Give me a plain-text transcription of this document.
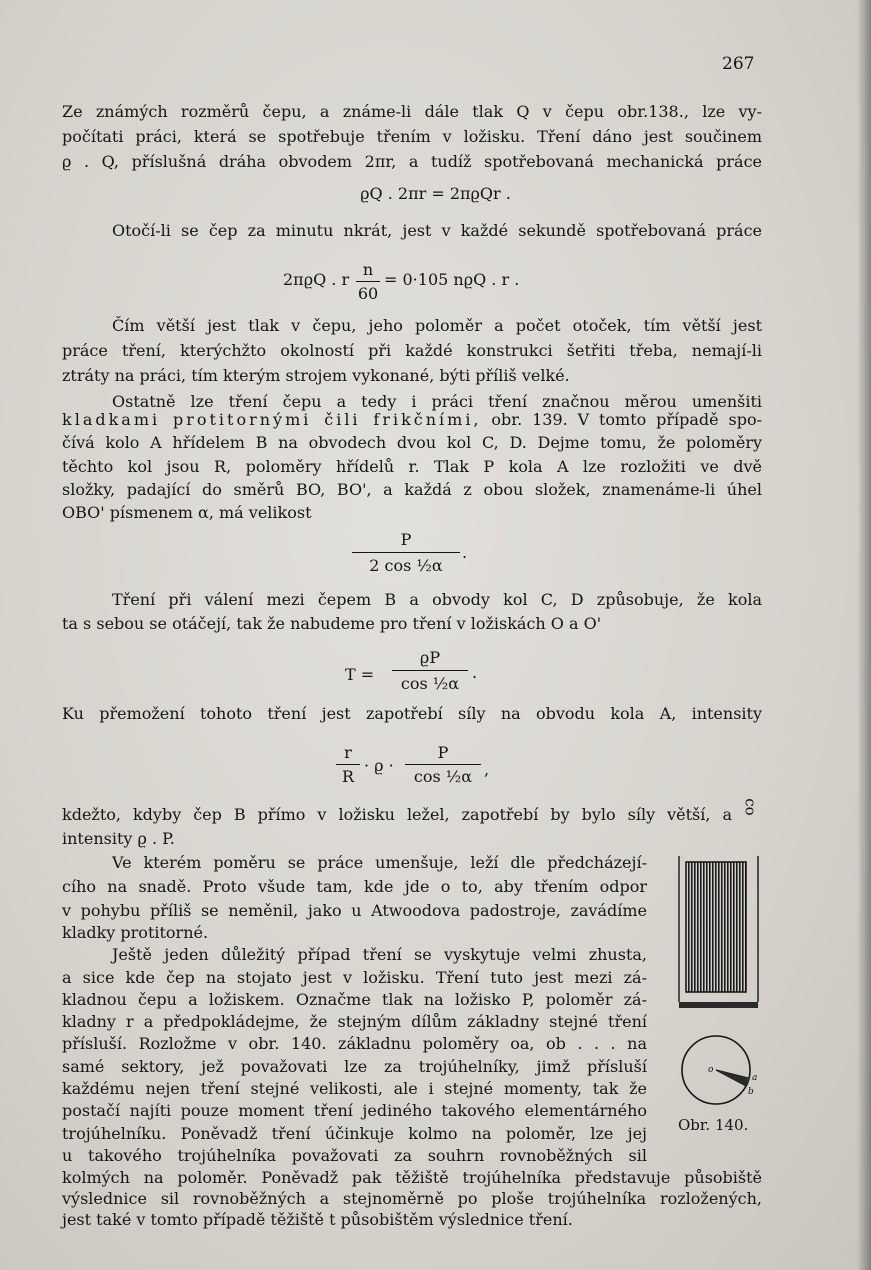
267
Ze známých rozměrů čepu, a známe-li dále tlak Q v čepu obr.138., lze vy-
počítati práci, která se spotřebuje třením v ložisku. Tření dáno jest součinem
ϱ . Q, příslušná dráha obvodem 2πr, a tudíž spotřebovaná mechanická práce
ϱQ . 2πr = 2πϱQr .
Otočí-li se čep za minutu nkrát, jest v každé sekundě spotřebovaná práce
2πϱQ . r
n
60
= 0·105 nϱQ . r .
Čím větší jest tlak v čepu, jeho poloměr a počet otoček, tím větší jest
práce tření, kterýchžto okolností při každé konstrukci šetřiti třeba, nemají-li
ztráty na práci, tím kterým strojem vykonané, býti příliš velké.
Ostatně lze tření čepu a tedy i práci tření značnou měrou umenšiti
kladkami protitornými čili frikčními, obr. 139. V tomto případě spo-
čívá kolo A hřídelem B na obvodech dvou kol C, D. Dejme tomu, že poloměry
těchto kol jsou R, poloměry hřídelů r. Tlak P kola A lze rozložiti ve dvě
složky, padající do směrů BO, BO', a každá z obou složek, znamenáme-li úhel
OBO' písmenem α, má velikost
P
2 cos ½α
.
Tření při válení mezi čepem B a obvody kol C, D způsobuje, že kola
ta s sebou se otáčejí, tak že nabudeme pro tření v ložiskách O a O'
T =
ϱP
cos ½α
.
Ku přemožení tohoto tření jest zapotřebí síly na obvodu kola A, intensity
r
R
· ϱ ·
P
cos ½α ,
kdežto, kdyby čep B přímo v ložisku ležel, zapotřebí by bylo síly větší, a
intensity ϱ . P.
co
Ve kterém poměru se práce umenšuje, leží dle předcházejí-
cího na snadě. Proto všude tam, kde jde o to, aby třením odpor
v pohybu příliš se neměnil, jako u Atwoodova padostroje, zavádíme
kladky protitorné.
Ještě jeden důležitý případ tření se vyskytuje velmi zhusta,
a sice kde čep na stojato jest v ložisku. Tření tuto jest mezi zá-
kladnou čepu a ložiskem. Označme tlak na ložisko P, poloměr zá-
kladny r a předpokládejme, že stejným dílům základny stejné tření
přísluší. Rozložme v obr. 140. základnu poloměry oa, ob . . . na
samé sektory, jež považovati lze za trojúhelníky, jimž přísluší
každému nejen tření stejné velikosti, ale i stejné momenty, tak že
postačí najíti pouze moment tření jediného takového elementárného
trojúhelníku. Poněvadž tření účinkuje kolmo na poloměr, lze jej
u takového trojúhelníka považovati za souhrn rovnoběžných sil
kolmých na poloměr. Poněvadž pak těžiště trojúhelníka představuje působiště
výslednice sil rovnoběžných a stejnoměrně po ploše trojúhelníka rozložených,
jest také v tomto případě těžiště t působištěm výslednice tření.
o
a
b
Obr. 140.
